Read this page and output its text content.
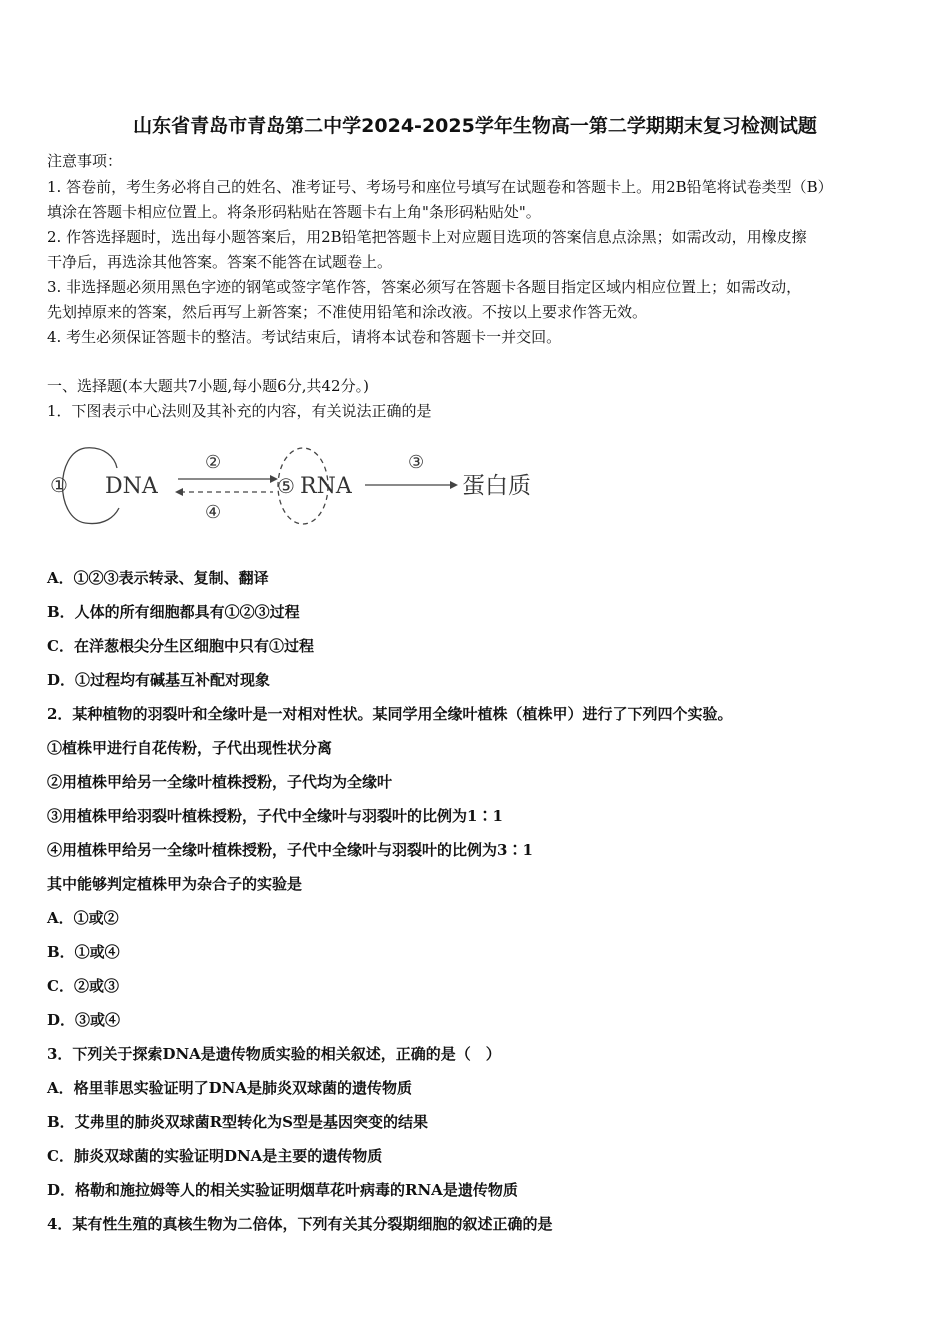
山东省青岛市青岛第二中学2024-2025学年生物高一第二学期期末复习检测试题
注意事项：
1. 答卷前，考生务必将自己的姓名、准考证号、考场号和座位号填写在试题卷和答题卡上。用2B铅笔将试卷类型（B）
填涂在答题卡相应位置上。将条形码粘贴在答题卡右上角"条形码粘贴处"。
2. 作答选择题时，选出每小题答案后，用2B铅笔把答题卡上对应题目选项的答案信息点涂黑；如需改动，用橡皮擦
干净后，再选涂其他答案。答案不能答在试题卷上。
3. 非选择题必须用黑色字迹的钢笔或签字笔作答，答案必须写在答题卡各题目指定区域内相应位置上；如需改动，
先划掉原来的答案，然后再写上新答案；不准使用铅笔和涂改液。不按以上要求作答无效。
4. 考生必须保证答题卡的整洁。考试结束后，请将本试卷和答题卡一并交回。
一、选择题(本大题共7小题,每小题6分,共42分。)
1．下图表示中心法则及其补充的内容，有关说法正确的是
① DNA
②
④
⑤ RNA
③
蛋白质
A．①②③表示转录、复制、翻译
B．人体的所有细胞都具有①②③过程
C．在洋葱根尖分生区细胞中只有①过程
D．①过程均有碱基互补配对现象
2．某种植物的羽裂叶和全缘叶是一对相对性状。某同学用全缘叶植株（植株甲）进行了下列四个实验。
①植株甲进行自花传粉，子代出现性状分离
②用植株甲给另一全缘叶植株授粉，子代均为全缘叶
③用植株甲给羽裂叶植株授粉，子代中全缘叶与羽裂叶的比例为1∶1
④用植株甲给另一全缘叶植株授粉，子代中全缘叶与羽裂叶的比例为3∶1
其中能够判定植株甲为杂合子的实验是
A．①或②
B．①或④
C．②或③
D．③或④
3．下列关于探索DNA是遗传物质实验的相关叙述，正确的是（　）
A．格里菲思实验证明了DNA是肺炎双球菌的遗传物质
B．艾弗里的肺炎双球菌R型转化为S型是基因突变的结果
C．肺炎双球菌的实验证明DNA是主要的遗传物质
D．格勒和施拉姆等人的相关实验证明烟草花叶病毒的RNA是遗传物质
4．某有性生殖的真核生物为二倍体，下列有关其分裂期细胞的叙述正确的是
